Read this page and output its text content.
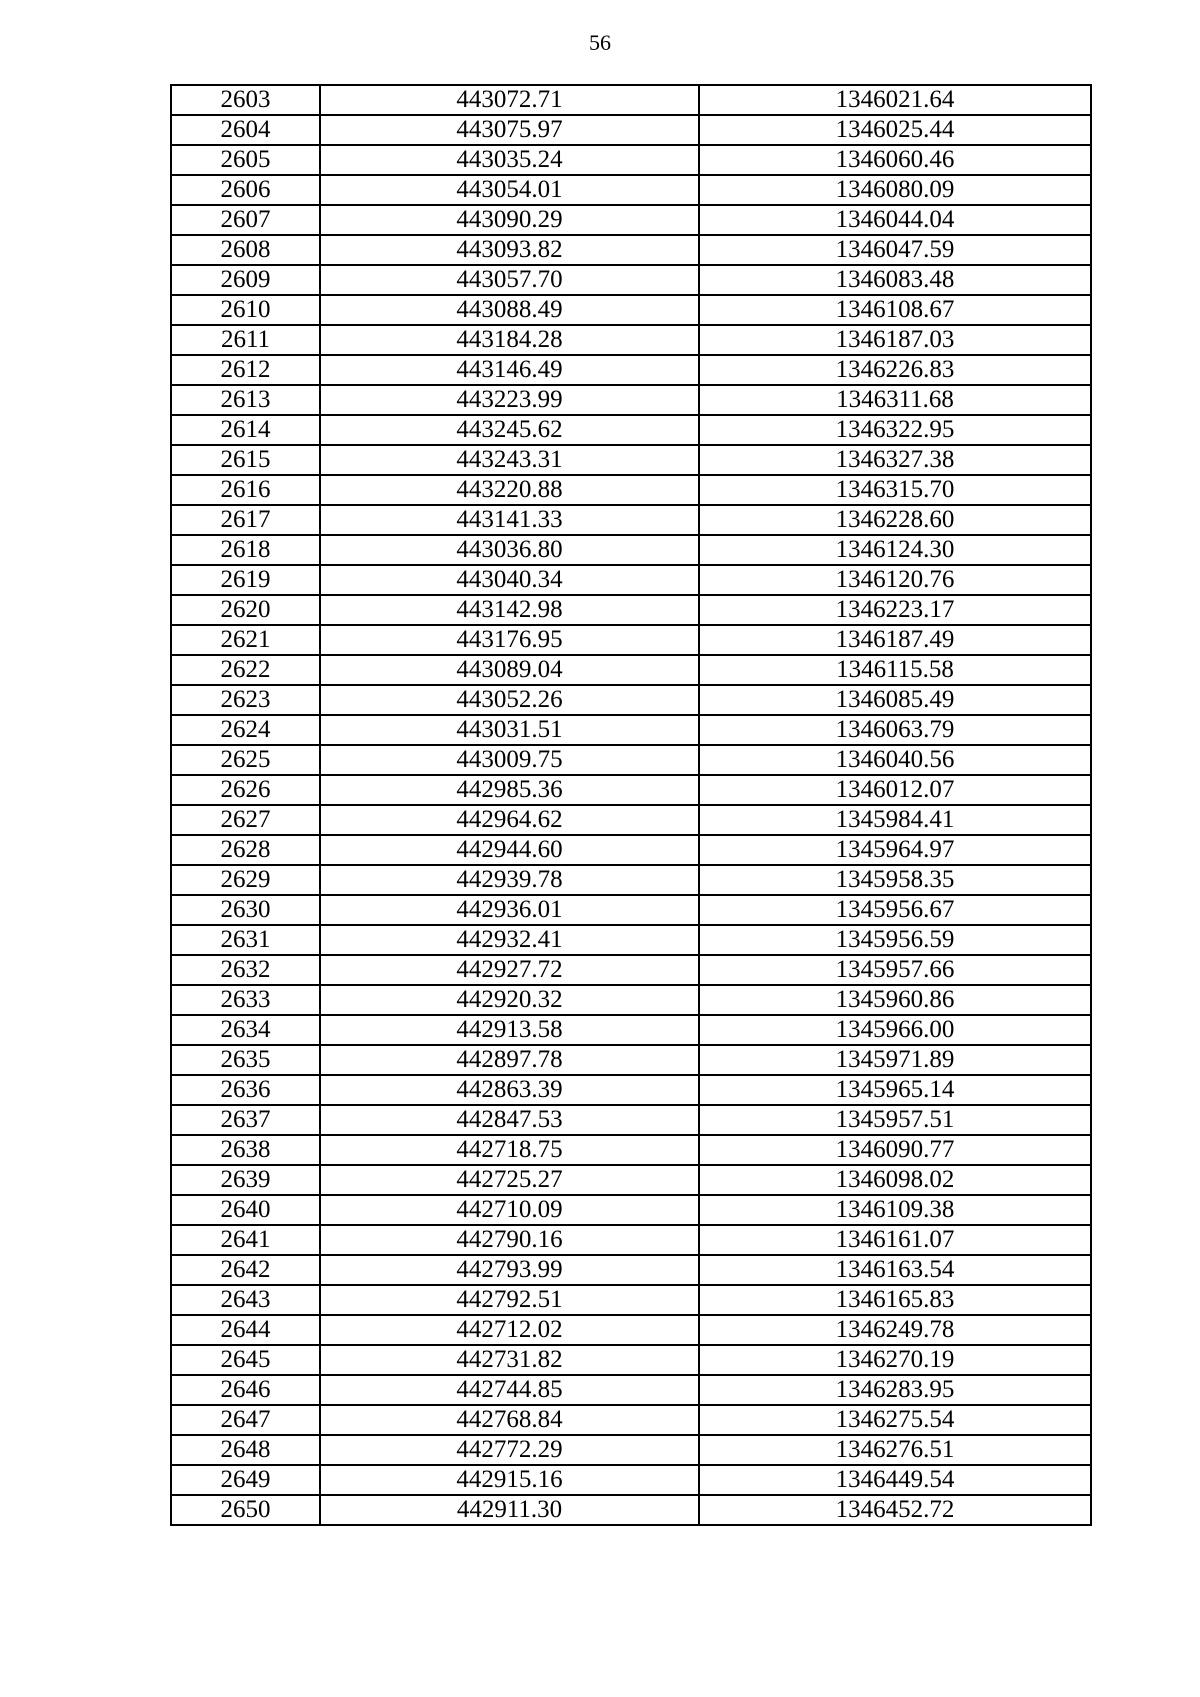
56
2603	443072.71	1346021.64
2604	443075.97	1346025.44
2605	443035.24	1346060.46
2606	443054.01	1346080.09
2607	443090.29	1346044.04
2608	443093.82	1346047.59
2609	443057.70	1346083.48
2610	443088.49	1346108.67
2611	443184.28	1346187.03
2612	443146.49	1346226.83
2613	443223.99	1346311.68
2614	443245.62	1346322.95
2615	443243.31	1346327.38
2616	443220.88	1346315.70
2617	443141.33	1346228.60
2618	443036.80	1346124.30
2619	443040.34	1346120.76
2620	443142.98	1346223.17
2621	443176.95	1346187.49
2622	443089.04	1346115.58
2623	443052.26	1346085.49
2624	443031.51	1346063.79
2625	443009.75	1346040.56
2626	442985.36	1346012.07
2627	442964.62	1345984.41
2628	442944.60	1345964.97
2629	442939.78	1345958.35
2630	442936.01	1345956.67
2631	442932.41	1345956.59
2632	442927.72	1345957.66
2633	442920.32	1345960.86
2634	442913.58	1345966.00
2635	442897.78	1345971.89
2636	442863.39	1345965.14
2637	442847.53	1345957.51
2638	442718.75	1346090.77
2639	442725.27	1346098.02
2640	442710.09	1346109.38
2641	442790.16	1346161.07
2642	442793.99	1346163.54
2643	442792.51	1346165.83
2644	442712.02	1346249.78
2645	442731.82	1346270.19
2646	442744.85	1346283.95
2647	442768.84	1346275.54
2648	442772.29	1346276.51
2649	442915.16	1346449.54
2650	442911.30	1346452.72
